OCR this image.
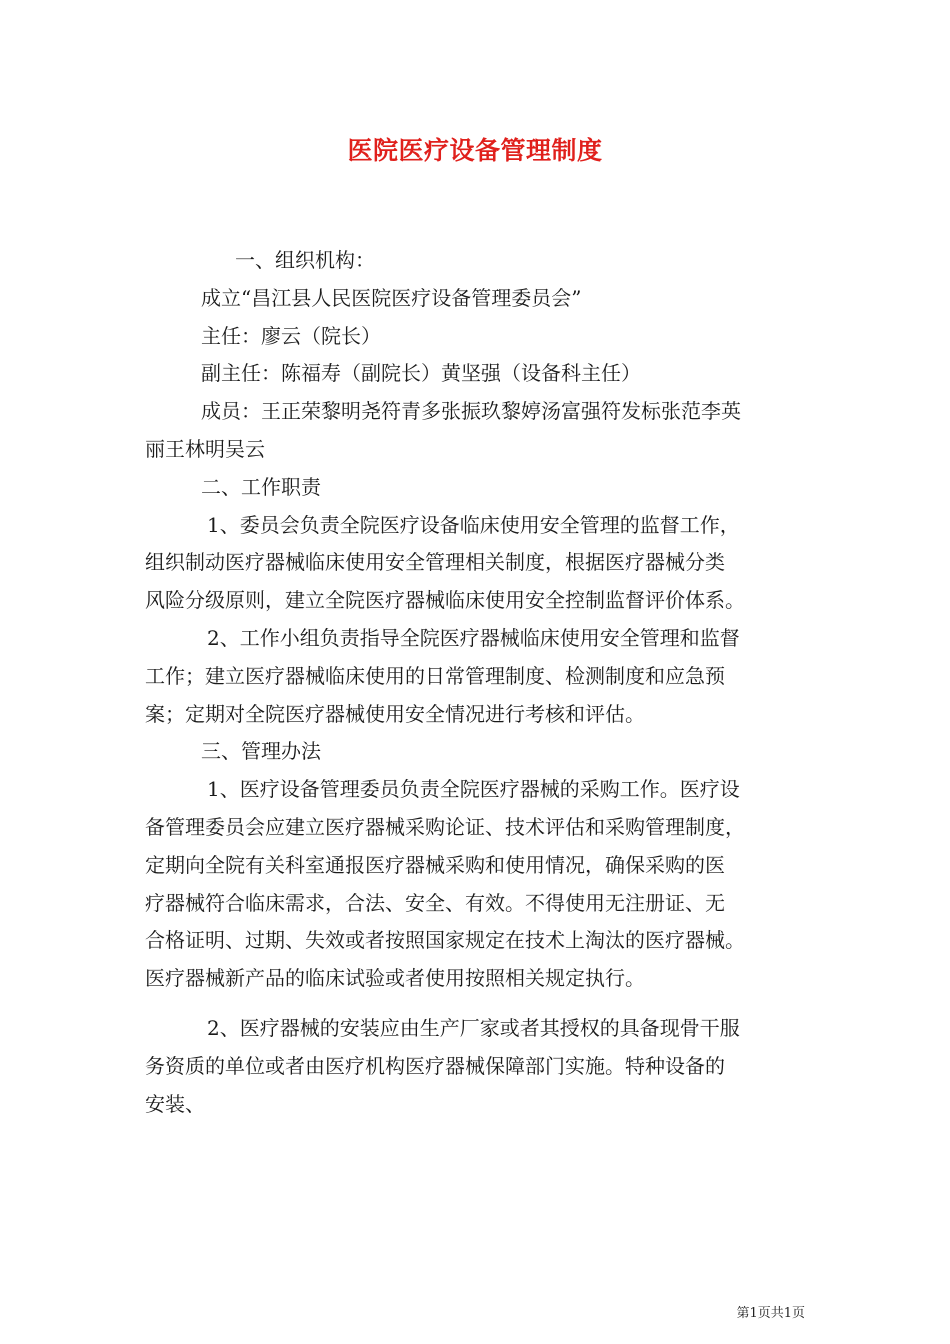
医院医疗设备管理制度
一、组织机构：
成立“昌江县人民医院医疗设备管理委员会”
主任：廖云（院长）
副主任：陈福寿（副院长）黄坚强（设备科主任）
成员：王正荣黎明尧符青多张振玖黎婷汤富强符发标张范李英
丽王林明吴云
二、工作职责
1、委员会负责全院医疗设备临床使用安全管理的监督工作，
组织制动医疗器械临床使用安全管理相关制度，根据医疗器械分类
风险分级原则，建立全院医疗器械临床使用安全控制监督评价体系。
2、工作小组负责指导全院医疗器械临床使用安全管理和监督
工作；建立医疗器械临床使用的日常管理制度、检测制度和应急预
案；定期对全院医疗器械使用安全情况进行考核和评估。
三、管理办法
1、医疗设备管理委员负责全院医疗器械的采购工作。医疗设
备管理委员会应建立医疗器械采购论证、技术评估和采购管理制度，
定期向全院有关科室通报医疗器械采购和使用情况，确保采购的医
疗器械符合临床需求，合法、安全、有效。不得使用无注册证、无
合格证明、过期、失效或者按照国家规定在技术上淘汰的医疗器械。
医疗器械新产品的临床试验或者使用按照相关规定执行。
2、医疗器械的安装应由生产厂家或者其授权的具备现骨干服
务资质的单位或者由医疗机构医疗器械保障部门实施。特种设备的
安装、
第1页共1页
